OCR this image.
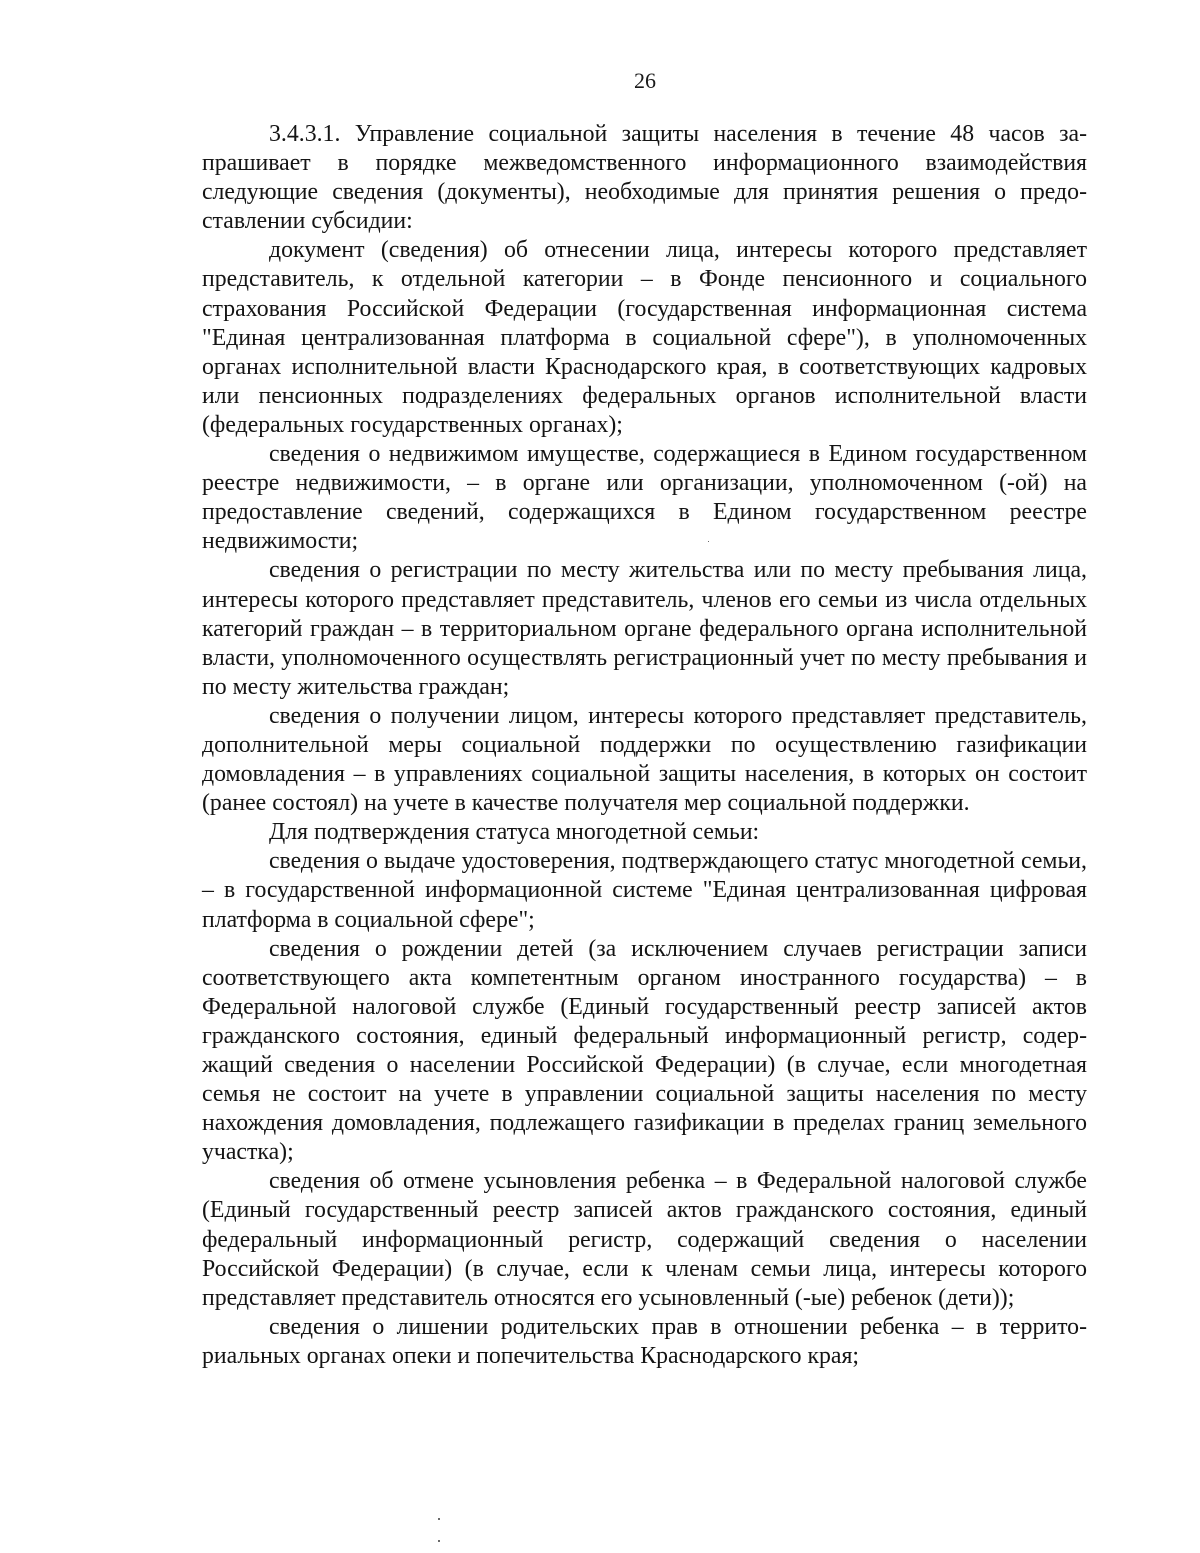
26

3.4.3.1. Управление социальной защиты населения в течение 48 часов запрашивает в порядке межведомственного информационного взаимодействия следующие сведения (документы), необходимые для принятия решения о предоставлении субсидии:

документ (сведения) об отнесении лица, интересы которого представляет представитель, к отдельной категории – в Фонде пенсионного и социального страхования Российской Федерации (государственная информационная система "Единая централизованная платформа в социальной сфере"), в уполномоченных органах исполнительной власти Краснодарского края, в соответствующих кадровых или пенсионных подразделениях федеральных органов исполнительной власти (федеральных государственных органах);

сведения о недвижимом имуществе, содержащиеся в Едином государственном реестре недвижимости, – в органе или организации, уполномоченном (-ой) на предоставление сведений, содержащихся в Едином государственном реестре недвижимости;

сведения о регистрации по месту жительства или по месту пребывания лица, интересы которого представляет представитель, членов его семьи из числа отдельных категорий граждан – в территориальном органе федерального органа исполнительной власти, уполномоченного осуществлять регистрационный учет по месту пребывания и по месту жительства граждан;

сведения о получении лицом, интересы которого представляет представитель, дополнительной меры социальной поддержки по осуществлению газификации домовладения – в управлениях социальной защиты населения, в которых он состоит (ранее состоял) на учете в качестве получателя мер социальной поддержки.

Для подтверждения статуса многодетной семьи:

сведения о выдаче удостоверения, подтверждающего статус многодетной семьи, – в государственной информационной системе "Единая централизованная цифровая платформа в социальной сфере";

сведения о рождении детей (за исключением случаев регистрации записи соответствующего акта компетентным органом иностранного государства) – в Федеральной налоговой службе (Единый государственный реестр записей актов гражданского состояния, единый федеральный информационный регистр, содержащий сведения о населении Российской Федерации) (в случае, если многодетная семья не состоит на учете в управлении социальной защиты населения по месту нахождения домовладения, подлежащего газификации в пределах границ земельного участка);

сведения об отмене усыновления ребенка – в Федеральной налоговой службе (Единый государственный реестр записей актов гражданского состояния, единый федеральный информационный регистр, содержащий сведения о населении Российской Федерации) (в случае, если к членам семьи лица, интересы которого представляет представитель относятся его усыновленный (-ые) ребенок (дети));

сведения о лишении родительских прав в отношении ребенка – в территориальных органах опеки и попечительства Краснодарского края;
